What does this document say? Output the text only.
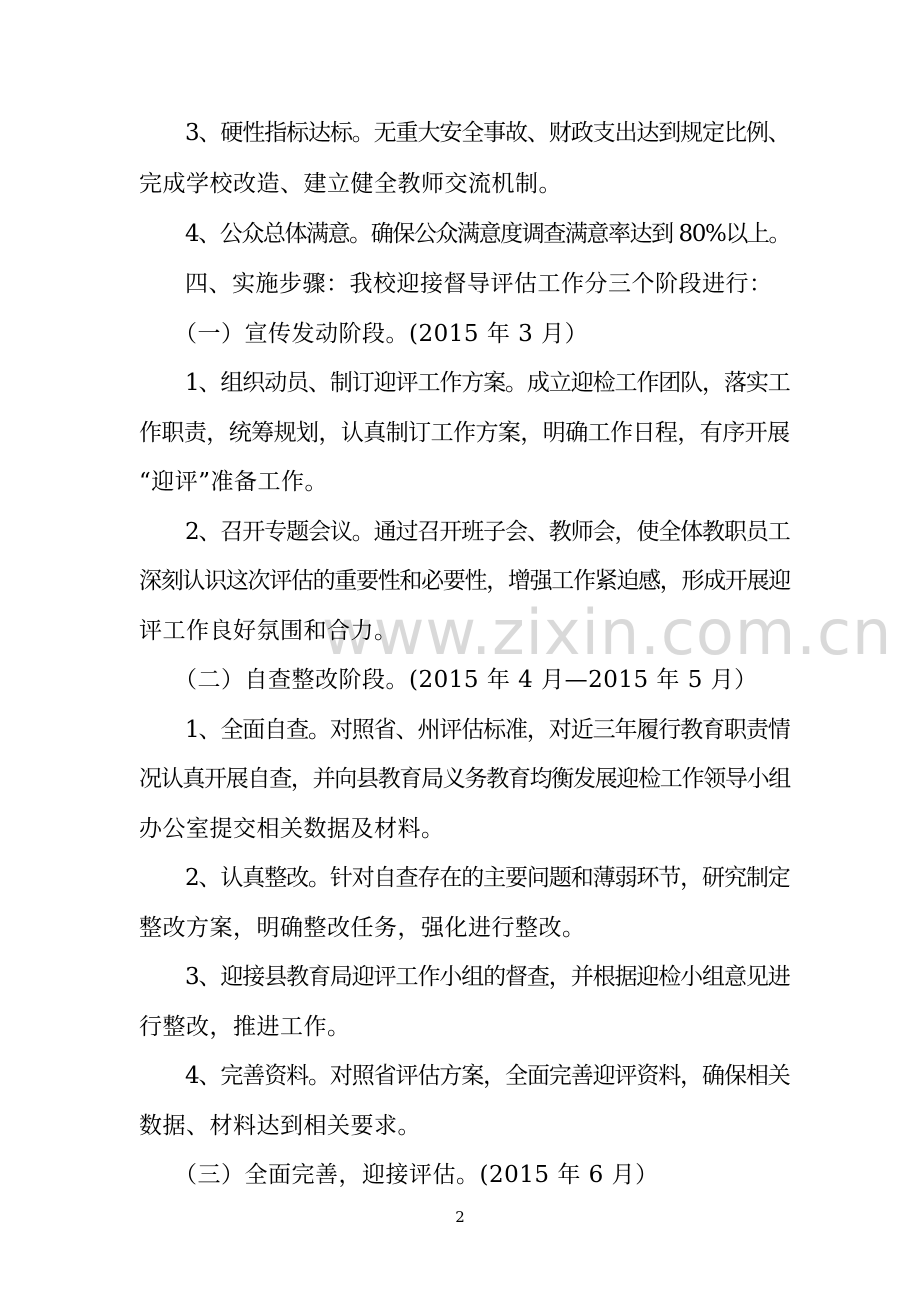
www.zixin.com.cn
3、硬性指标达标。无重大安全事故、财政支出达到规定比例、
完成学校改造、建立健全教师交流机制。
4、公众总体满意。确保公众满意度调查满意率达到 80%以上。
四、实施步骤：我校迎接督导评估工作分三个阶段进行：
（一）宣传发动阶段。(2015 年 3 月）
1、组织动员、制订迎评工作方案。成立迎检工作团队，落实工
作职责，统筹规划，认真制订工作方案，明确工作日程，有序开展
“迎评”准备工作。
2、召开专题会议。通过召开班子会、教师会，使全体教职员工
深刻认识这次评估的重要性和必要性，增强工作紧迫感，形成开展迎
评工作良好氛围和合力。
（二）自查整改阶段。(2015 年 4 月—2015 年 5 月）
1、全面自查。对照省、州评估标准，对近三年履行教育职责情
况认真开展自查，并向县教育局义务教育均衡发展迎检工作领导小组
办公室提交相关数据及材料。
2、认真整改。针对自查存在的主要问题和薄弱环节，研究制定
整改方案，明确整改任务，强化进行整改。
3、迎接县教育局迎评工作小组的督查，并根据迎检小组意见进
行整改，推进工作。
4、完善资料。对照省评估方案，全面完善迎评资料，确保相关
数据、材料达到相关要求。
（三）全面完善，迎接评估。(2015 年 6 月）
2
